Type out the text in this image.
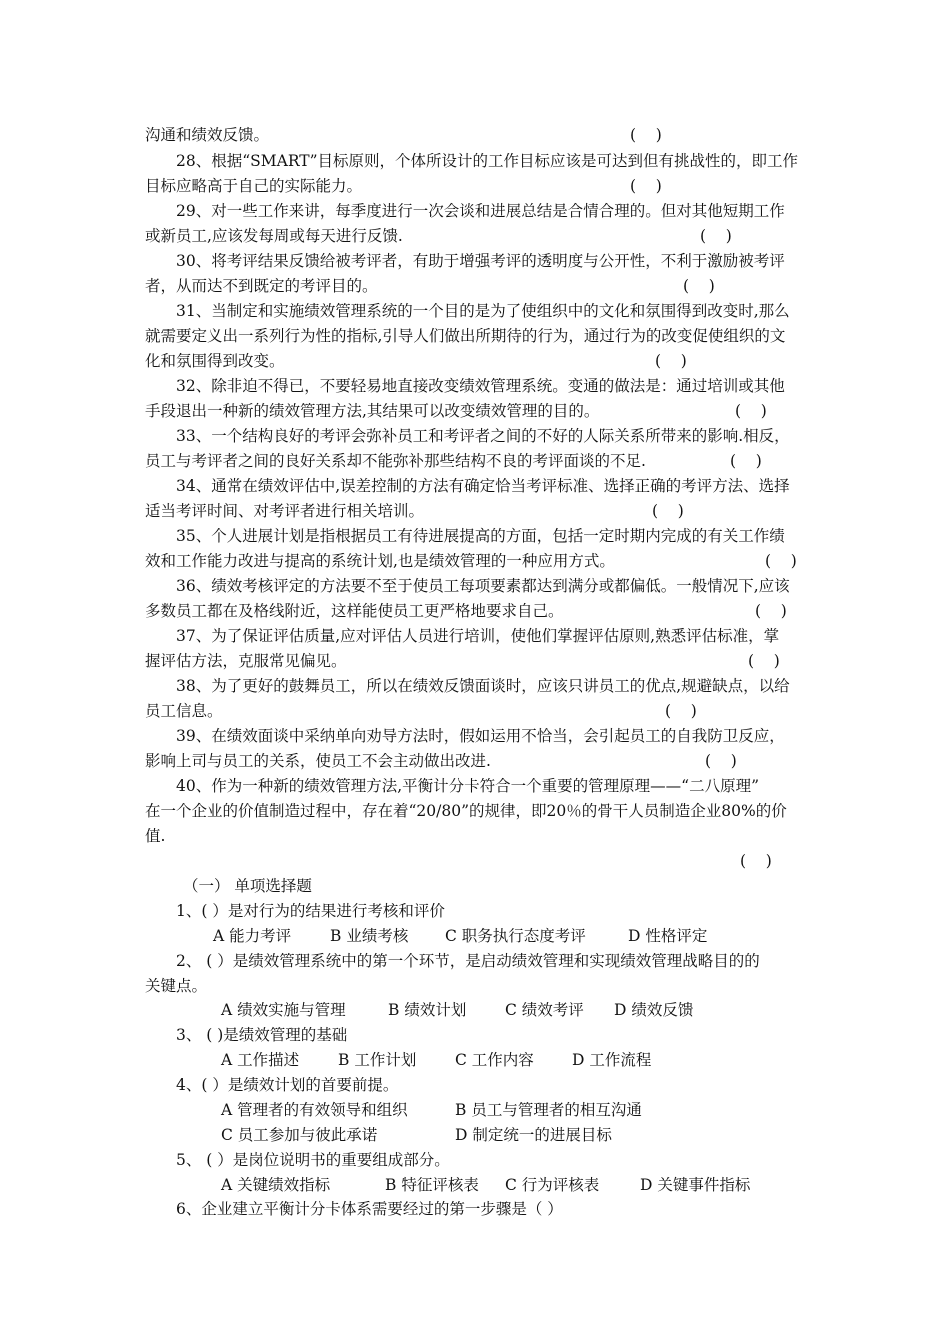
沟通和绩效反馈。	(    )
28、根据“SMART”目标原则，个体所设计的工作目标应该是可达到但有挑战性的，即工作
目标应略高于自己的实际能力。	(    )
29、对一些工作来讲，每季度进行一次会谈和进展总结是合情合理的。但对其他短期工作
或新员工,应该发每周或每天进行反馈.	(    )
30、将考评结果反馈给被考评者，有助于增强考评的透明度与公开性，不利于激励被考评
者，从而达不到既定的考评目的。	(    )
31、当制定和实施绩效管理系统的一个目的是为了使组织中的文化和氛围得到改变时,那么
就需要定义出一系列行为性的指标,引导人们做出所期待的行为，通过行为的改变促使组织的文
化和氛围得到改变。	(    )
32、除非迫不得已，不要轻易地直接改变绩效管理系统。变通的做法是：通过培训或其他
手段退出一种新的绩效管理方法,其结果可以改变绩效管理的目的。	(    )
33、一个结构良好的考评会弥补员工和考评者之间的不好的人际关系所带来的影响.相反，
员工与考评者之间的良好关系却不能弥补那些结构不良的考评面谈的不足.	(    )
34、通常在绩效评估中,误差控制的方法有确定恰当考评标准、选择正确的考评方法、选择
适当考评时间、对考评者进行相关培训。	(    )
35、个人进展计划是指根据员工有待进展提高的方面，包括一定时期内完成的有关工作绩
效和工作能力改进与提高的系统计划,也是绩效管理的一种应用方式。	(    )
36、绩效考核评定的方法要不至于使员工每项要素都达到满分或都偏低。一般情况下,应该
多数员工都在及格线附近，这样能使员工更严格地要求自己。	(    )
37、为了保证评估质量,应对评估人员进行培训，使他们掌握评估原则,熟悉评估标准，掌
握评估方法，克服常见偏见。	(    )
38、为了更好的鼓舞员工，所以在绩效反馈面谈时，应该只讲员工的优点,规避缺点，以给
员工信息。	(    )
39、在绩效面谈中采纳单向劝导方法时，假如运用不恰当，会引起员工的自我防卫反应，
影响上司与员工的关系，使员工不会主动做出改进.	(    )
40、作为一种新的绩效管理方法,平衡计分卡符合一个重要的管理原理——“二八原理”
在一个企业的价值制造过程中，存在着“20/80”的规律，即20％的骨干人员制造企业80%的价
值.
(    )
（一） 单项选择题
1、( ）是对行为的结果进行考核和评价
A 能力考评	B 业绩考核 C 职务执行态度考评	D 性格评定
2、 ( ）是绩效管理系统中的第一个环节，是启动绩效管理和实现绩效管理战略目的的
关键点。
A 绩效实施与管理	B 绩效计划 C 绩效考评 D 绩效反馈
3、 ( )是绩效管理的基础
A 工作描述	B 工作计划 C 工作内容 D 工作流程
4、( ）是绩效计划的首要前提。
A 管理者的有效领导和组织	B 员工与管理者的相互沟通
C 员工参加与彼此承诺	D 制定统一的进展目标
5、 ( ）是岗位说明书的重要组成部分。
A 关键绩效指标	B 特征评核表 C 行为评核表	D 关键事件指标
6、企业建立平衡计分卡体系需要经过的第一步骤是（ ）
